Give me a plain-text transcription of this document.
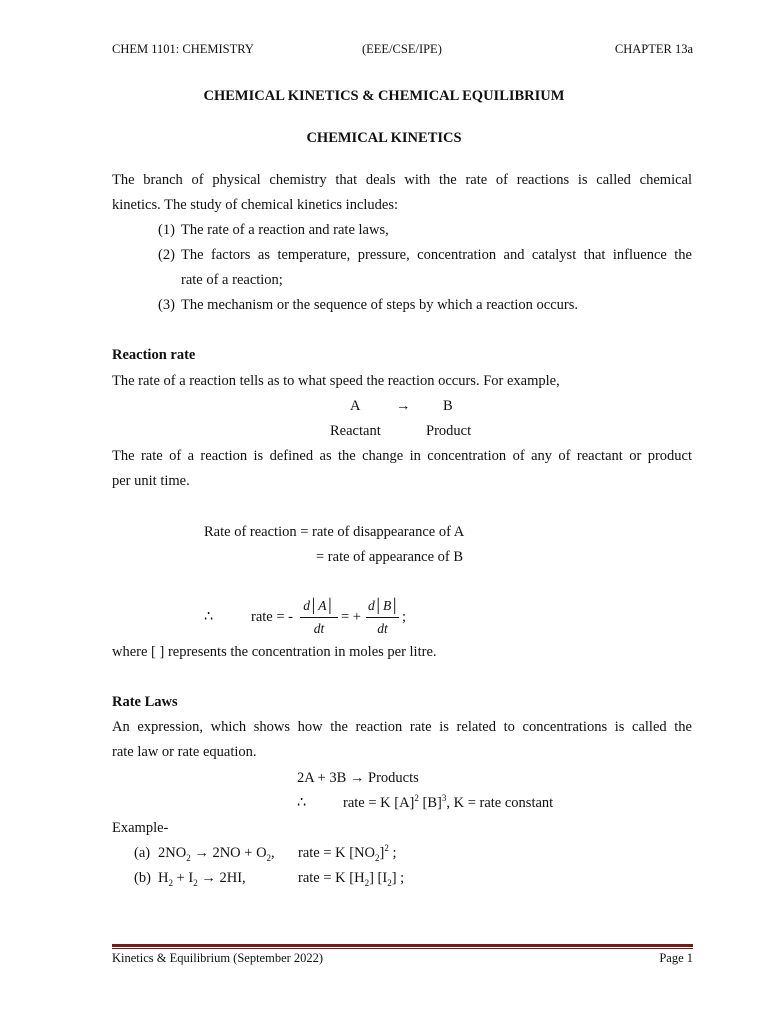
CHEM 1101: CHEMISTRY	(EEE/CSE/IPE)	CHAPTER 13a
CHEMICAL KINETICS & CHEMICAL EQUILIBRIUM
CHEMICAL KINETICS
The branch of physical chemistry that deals with the rate of reactions is called chemical
kinetics. The study of chemical kinetics includes:
(1) The rate of a reaction and rate laws,
(2) The factors as temperature, pressure, concentration and catalyst that influence the
rate of a reaction;
(3) The mechanism or the sequence of steps by which a reaction occurs.
Reaction rate
The rate of a reaction tells as to what speed the reaction occurs. For example,
A → B
Reactant	Product
The rate of a reaction is defined as the change in concentration of any of reactant or product
per unit time.
Rate of reaction = rate of disappearance of A
= rate of appearance of B
∴	rate = - $\frac{d│A│}{dt}$ = + $\frac{d│B│}{dt}$ ;
where [ ] represents the concentration in moles per litre.
Rate Laws
An expression, which shows how the reaction rate is related to concentrations is called the
rate law or rate equation.
2A + 3B → Products
∴	rate = K $[A]^2$ $[B]^3$, K = rate constant
Example-
(a) $2NO_2 \to 2NO + O_2$, rate = K $[NO_2]^2$ ;
(b) $H_2 + I_2 \to 2HI$,	rate = K $[H_2]$ $[I_2]$ ;
Kinetics & Equilibrium (September 2022)	Page 1
